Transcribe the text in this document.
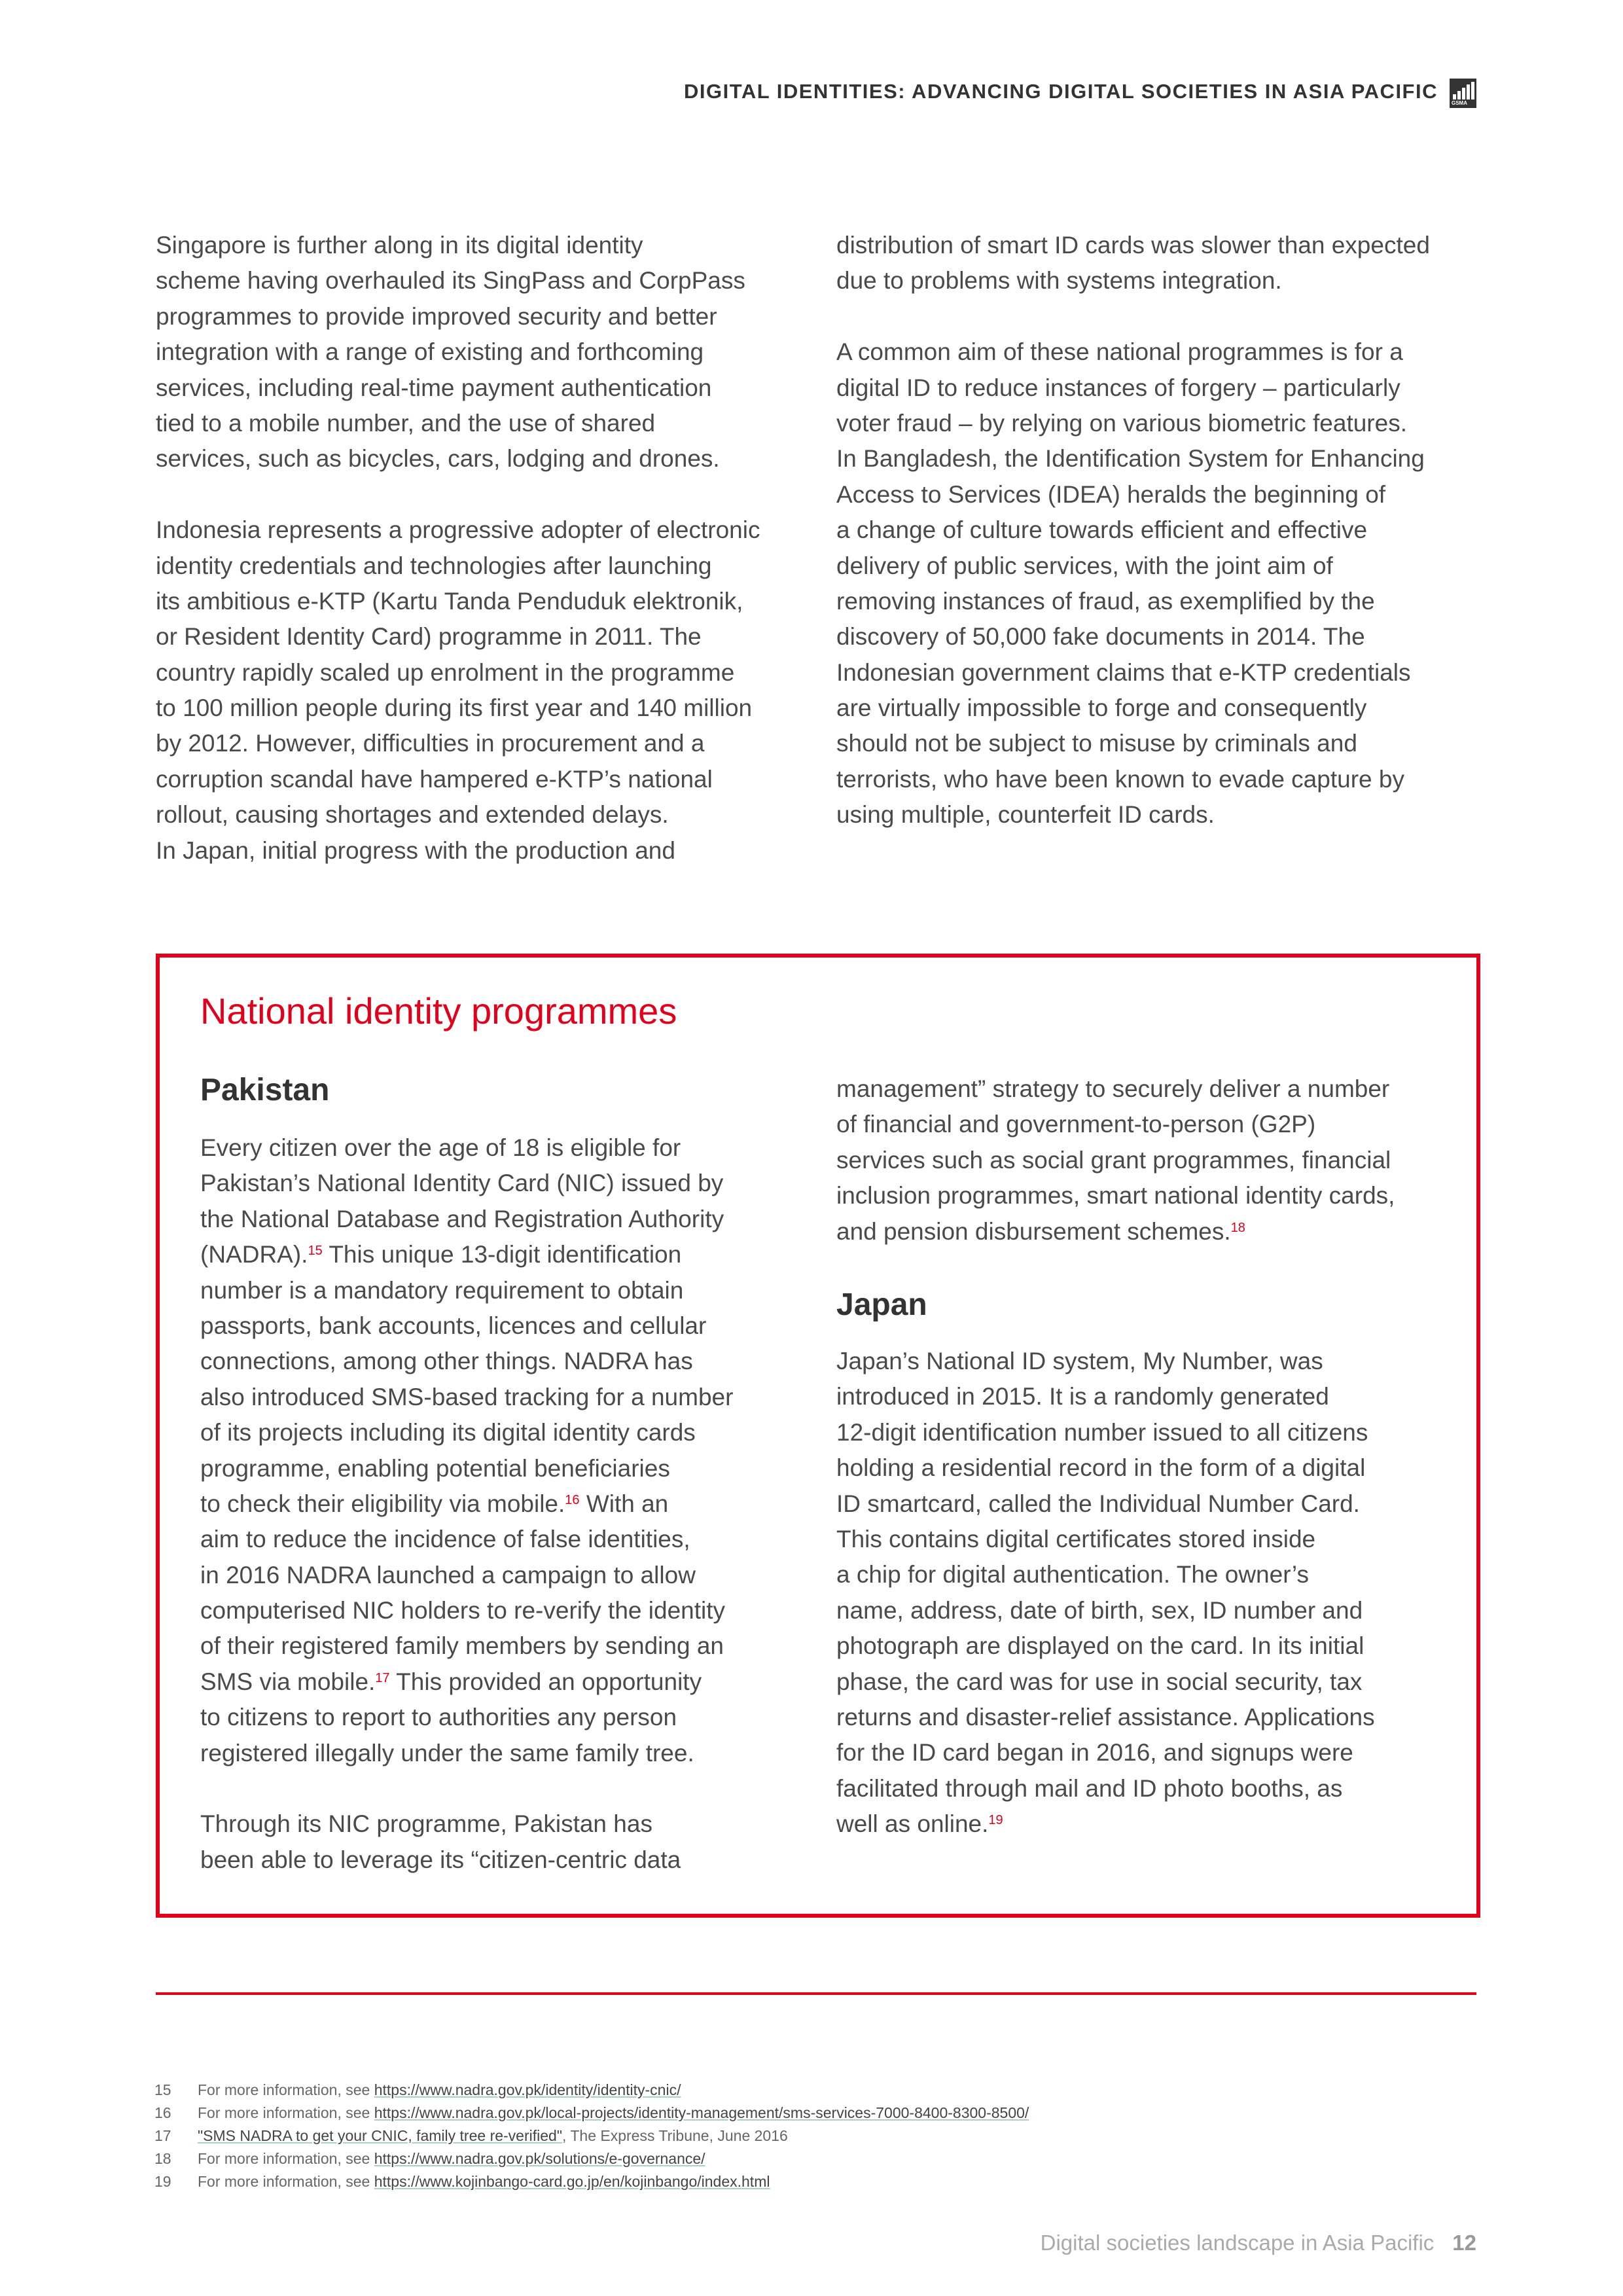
DIGITAL IDENTITIES: ADVANCING DIGITAL SOCIETIES IN ASIA PACIFIC
GSMA
Singapore is further along in its digital identity
scheme having overhauled its SingPass and CorpPass
programmes to provide improved security and better
integration with a range of existing and forthcoming
services, including real-time payment authentication
tied to a mobile number, and the use of shared
services, such as bicycles, cars, lodging and drones.
Indonesia represents a progressive adopter of electronic
identity credentials and technologies after launching
its ambitious e-KTP (Kartu Tanda Penduduk elektronik,
or Resident Identity Card) programme in 2011. The
country rapidly scaled up enrolment in the programme
to 100 million people during its first year and 140 million
by 2012. However, difficulties in procurement and a
corruption scandal have hampered e-KTP’s national
rollout, causing shortages and extended delays.
In Japan, initial progress with the production and
distribution of smart ID cards was slower than expected
due to problems with systems integration.
A common aim of these national programmes is for a
digital ID to reduce instances of forgery – particularly
voter fraud – by relying on various biometric features.
In Bangladesh, the Identification System for Enhancing
Access to Services (IDEA) heralds the beginning of
a change of culture towards efficient and effective
delivery of public services, with the joint aim of
removing instances of fraud, as exemplified by the
discovery of 50,000 fake documents in 2014. The
Indonesian government claims that e-KTP credentials
are virtually impossible to forge and consequently
should not be subject to misuse by criminals and
terrorists, who have been known to evade capture by
using multiple, counterfeit ID cards.
National identity programmes
Pakistan
Every citizen over the age of 18 is eligible for
Pakistan’s National Identity Card (NIC) issued by
the National Database and Registration Authority
(NADRA).$^{15}$ This unique 13-digit identification
number is a mandatory requirement to obtain
passports, bank accounts, licences and cellular
connections, among other things. NADRA has
also introduced SMS-based tracking for a number
of its projects including its digital identity cards
programme, enabling potential beneficiaries
to check their eligibility via mobile.$^{16}$ With an
aim to reduce the incidence of false identities,
in 2016 NADRA launched a campaign to allow
computerised NIC holders to re-verify the identity
of their registered family members by sending an
SMS via mobile.$^{17}$ This provided an opportunity
to citizens to report to authorities any person
registered illegally under the same family tree.
Through its NIC programme, Pakistan has
been able to leverage its “citizen-centric data
management” strategy to securely deliver a number
of financial and government-to-person (G2P)
services such as social grant programmes, financial
inclusion programmes, smart national identity cards,
and pension disbursement schemes.$^{18}$
Japan
Japan’s National ID system, My Number, was
introduced in 2015. It is a randomly generated
12-digit identification number issued to all citizens
holding a residential record in the form of a digital
ID smartcard, called the Individual Number Card.
This contains digital certificates stored inside
a chip for digital authentication. The owner’s
name, address, date of birth, sex, ID number and
photograph are displayed on the card. In its initial
phase, the card was for use in social security, tax
returns and disaster-relief assistance. Applications
for the ID card began in 2016, and signups were
facilitated through mail and ID photo booths, as
well as online.$^{19}$
15 For more information, see https://www.nadra.gov.pk/identity/identity-cnic/
16 For more information, see https://www.nadra.gov.pk/local-projects/identity-management/sms-services-7000-8400-8300-8500/
17 "SMS NADRA to get your CNIC, family tree re-verified", The Express Tribune, June 2016
18 For more information, see https://www.nadra.gov.pk/solutions/e-governance/
19 For more information, see https://www.kojinbango-card.go.jp/en/kojinbango/index.html
Digital societies landscape in Asia Pacific 12
